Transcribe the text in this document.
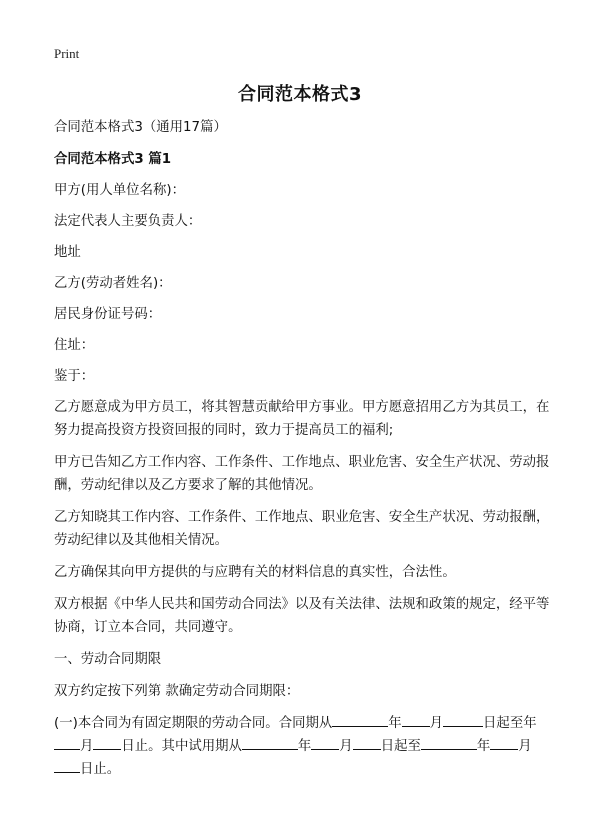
Print
合同范本格式3

合同范本格式3（通用17篇）

合同范本格式3 篇1

甲方(用人单位名称)：

法定代表人主要负责人：

地址

乙方(劳动者姓名)：

居民身份证号码：

住址：

鉴于：

乙方愿意成为甲方员工，将其智慧贡献给甲方事业。甲方愿意招用乙方为其员工，在努力提高投资方投资回报的同时，致力于提高员工的福利;

甲方已告知乙方工作内容、工作条件、工作地点、职业危害、安全生产状况、劳动报酬，劳动纪律以及乙方要求了解的其他情况。

乙方知晓其工作内容、工作条件、工作地点、职业危害、安全生产状况、劳动报酬，劳动纪律以及其他相关情况。

乙方确保其向甲方提供的与应聘有关的材料信息的真实性，合法性。

双方根据《中华人民共和国劳动合同法》以及有关法律、法规和政策的规定，经平等协商，订立本合同，共同遵守。

一、劳动合同期限

双方约定按下列第 款确定劳动合同期限：

(一)本合同为有固定期限的劳动合同。合同期从	年 月	日起至年
月 日止。其中试用期从	年 月 日起至	年 月
日止。
